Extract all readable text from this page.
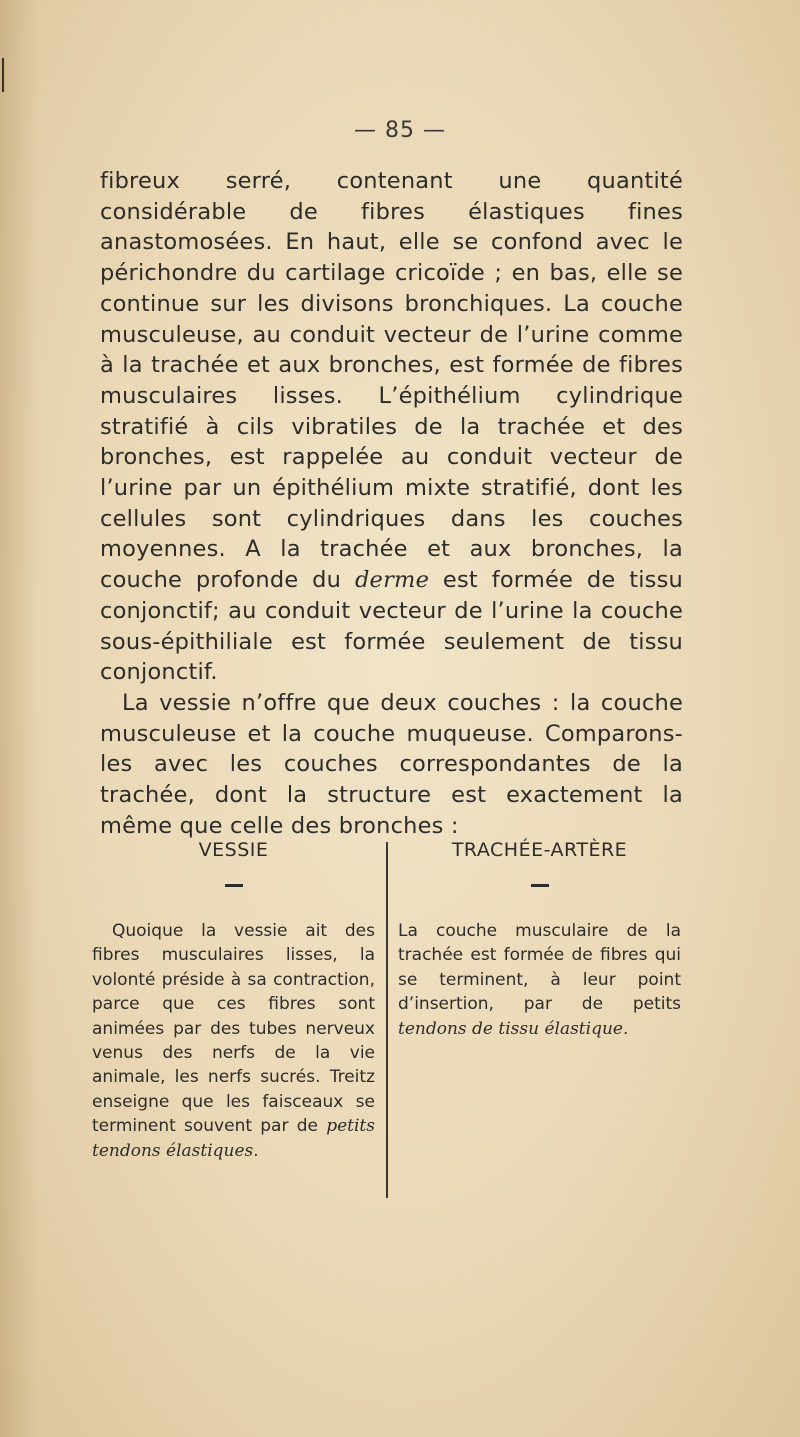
— 85 —

fibreux serré, contenant une quantité considérable de fibres élastiques fines anastomosées. En haut, elle se confond avec le périchondre du cartilage cricoïde ; en bas, elle se continue sur les divisons bronchiques. La couche musculeuse, au conduit vecteur de l’urine comme à la trachée et aux bronches, est formée de fibres musculaires lisses. L’épithélium cylindrique stratifié à cils vibratiles de la trachée et des bronches, est rappelée au conduit vecteur de l’urine par un épithélium mixte stratifié, dont les cellules sont cylindriques dans les couches moyennes. A la trachée et aux bronches, la couche profonde du derme est formée de tissu conjonctif; au conduit vecteur de l’urine la couche sous-épithiliale est formée seulement de tissu conjonctif.

La vessie n’offre que deux couches : la couche musculeuse et la couche muqueuse. Comparons-les avec les couches correspondantes de la trachée, dont la structure est exactement la même que celle des bronches :

VESSIE
Quoique la vessie ait des fibres musculaires lisses, la volonté préside à sa contraction, parce que ces fibres sont animées par des tubes nerveux venus des nerfs de la vie animale, les nerfs sucrés. Treitz enseigne que les faisceaux se terminent souvent par de petits tendons élastiques.
TRACHÉE-ARTÈRE
La couche musculaire de la trachée est formée de fibres qui se terminent, à leur point d’insertion, par de petits tendons de tissu élastique.
